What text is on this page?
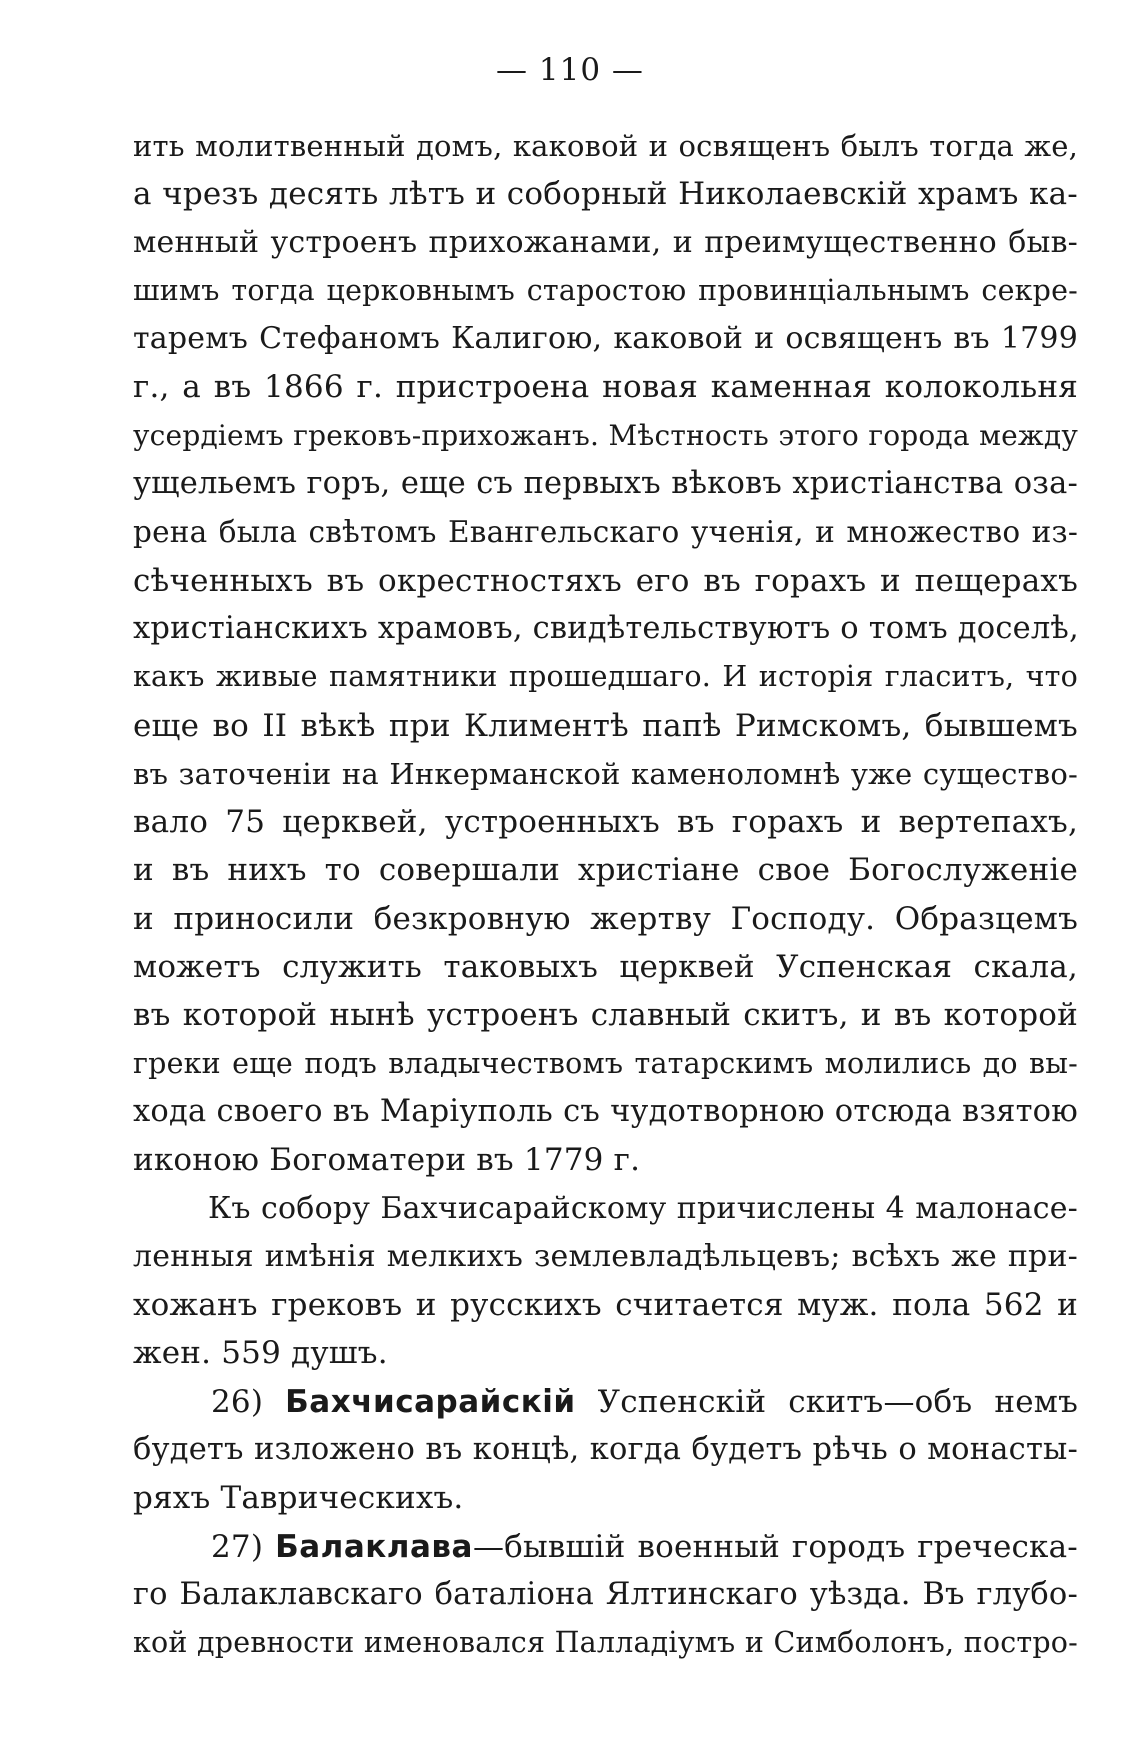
— 110 —
ить молитвенный домъ, каковой и освященъ былъ тогда же,
а чрезъ десять лѣтъ и соборный Николаевскій храмъ ка-
менный устроенъ прихожанами, и преимущественно быв-
шимъ тогда церковнымъ старостою провинціальнымъ секре-
таремъ Стефаномъ Калигою, каковой и освященъ въ 1799
г., а въ 1866 г. пристроена новая каменная колокольня
усердіемъ грековъ-прихожанъ. Мѣстность этого города между
ущельемъ горъ, еще съ первыхъ вѣковъ христіанства оза-
рена была свѣтомъ Евангельскаго ученія, и множество из-
сѣченныхъ въ окрестностяхъ его въ горахъ и пещерахъ
христіанскихъ храмовъ, свидѣтельствуютъ о томъ доселѣ,
какъ живые памятники прошедшаго. И исторія гласитъ, что
еще во II вѣкѣ при Климентѣ папѣ Римскомъ, бывшемъ
въ заточеніи на Инкерманской каменоломнѣ уже существо-
вало 75 церквей, устроенныхъ въ горахъ и вертепахъ,
и въ нихъ то совершали христіане свое Богослуженіе
и приносили безкровную жертву Господу. Образцемъ
можетъ служить таковыхъ церквей Успенская скала,
въ которой нынѣ устроенъ славный скитъ, и въ которой
греки еще подъ владычествомъ татарскимъ молились до вы-
хода своего въ Маріуполь съ чудотворною отсюда взятою
иконою Богоматери въ 1779 г.
Къ собору Бахчисарайскому причислены 4 малонасе-
ленныя имѣнія мелкихъ землевладѣльцевъ; всѣхъ же при-
хожанъ грековъ и русскихъ считается муж. пола 562 и
жен. 559 душъ.
26) Бахчисарайскій Успенскій скитъ—объ немъ
будетъ изложено въ концѣ, когда будетъ рѣчь о монасты-
ряхъ Таврическихъ.
27) Балаклава—бывшій военный городъ греческа-
го Балаклавскаго баталіона Ялтинскаго уѣзда. Въ глубо-
кой древности именовался Палладіумъ и Симболонъ, постро-
